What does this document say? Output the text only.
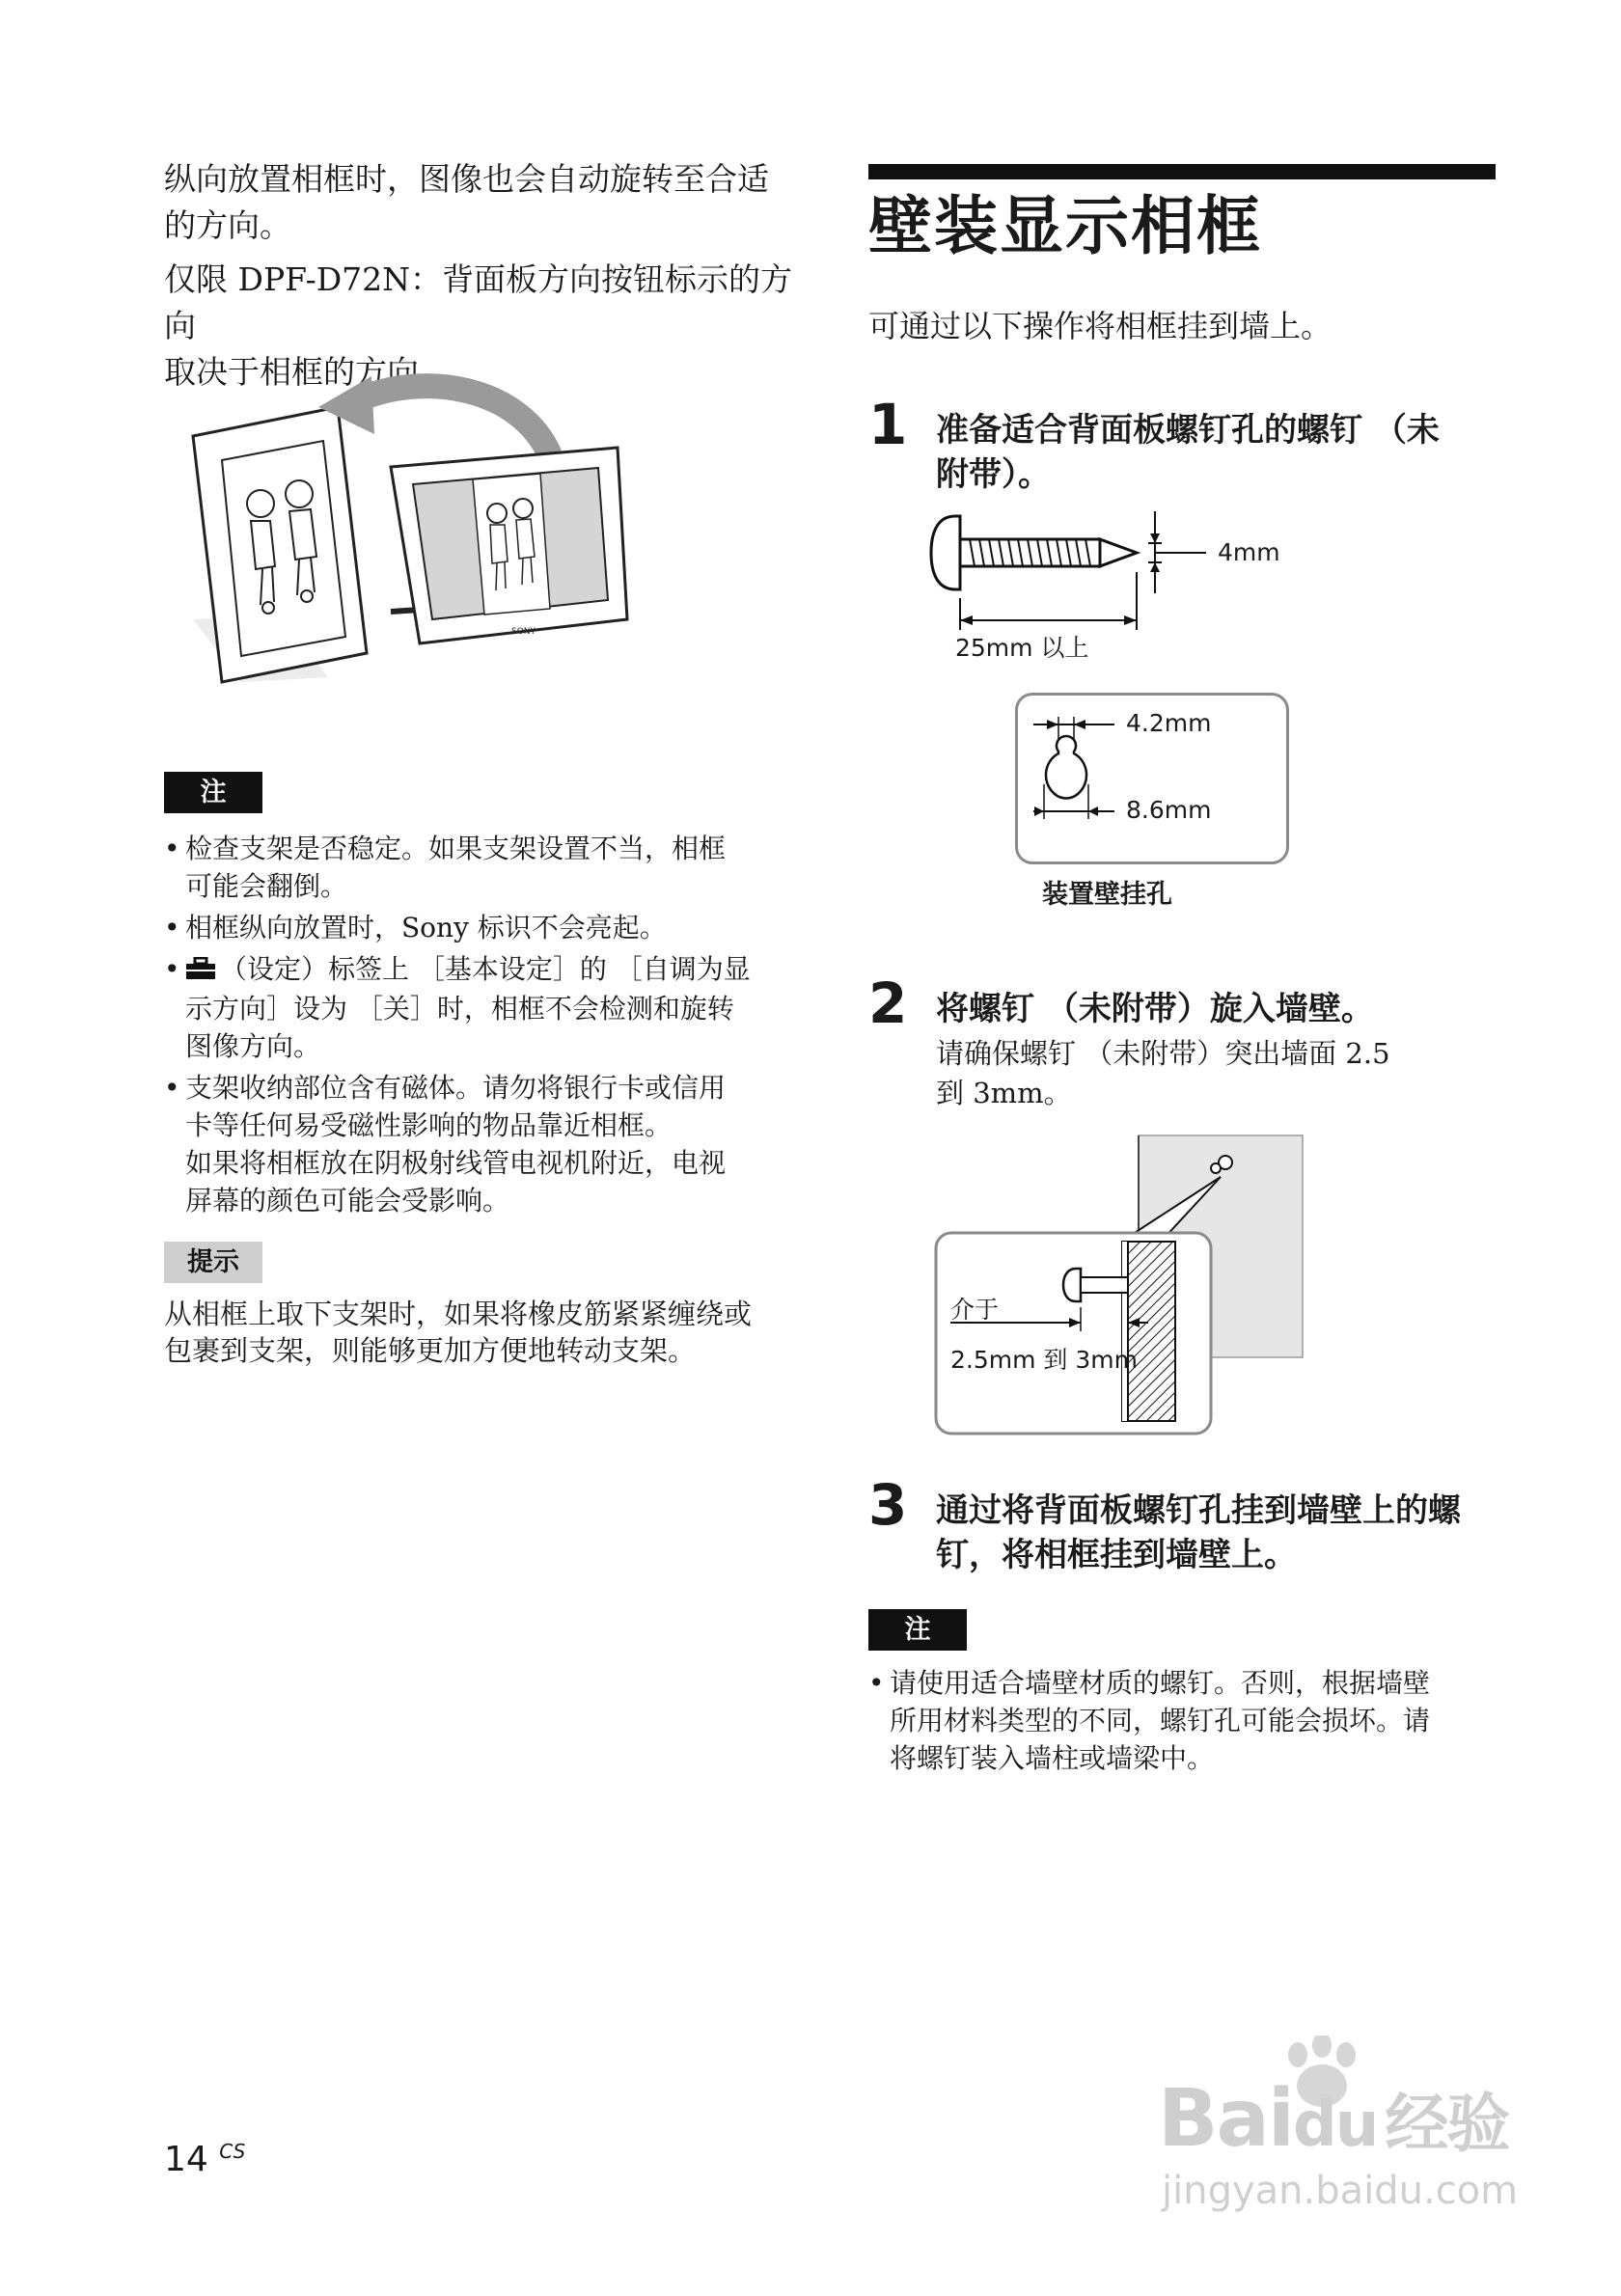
纵向放置相框时，图像也会自动旋转至合适

的方向。

仅限 DPF-D72N：背面板方向按钮标示的方向

取决于相框的方向。

SONY
注
• 检查支架是否稳定。如果支架设置不当，相框
可能会翻倒。
• 相框纵向放置时，Sony 标识不会亮起。
• （设定）标签上 ［基本设定］的 ［自调为显
示方向］设为 ［关］时，相框不会检测和旋转
图像方向。
• 支架收纳部位含有磁体。请勿将银行卡或信用
卡等任何易受磁性影响的物品靠近相框。
如果将相框放在阴极射线管电视机附近，电视
屏幕的颜色可能会受影响。
提示
从相框上取下支架时，如果将橡皮筋紧紧缠绕或
包裹到支架，则能够更加方便地转动支架。
壁装显示相框
可通过以下操作将相框挂到墙上。
1 准备适合背面板螺钉孔的螺钉 （未
附带）。
4mm
25mm 以上
4.2mm
8.6mm
装置壁挂孔
2 将螺钉 （未附带）旋入墙壁。
请确保螺钉 （未附带）突出墙面 2.5
到 3mm。
介于
2.5mm 到 3mm
3 通过将背面板螺钉孔挂到墙壁上的螺
钉，将相框挂到墙壁上。
注
• 请使用适合墙壁材质的螺钉。否则，根据墙壁
所用材料类型的不同，螺钉孔可能会损坏。请
将螺钉装入墙柱或墙梁中。
14 $^{CS}$	Baidu 经验
jingyan.baidu.com
